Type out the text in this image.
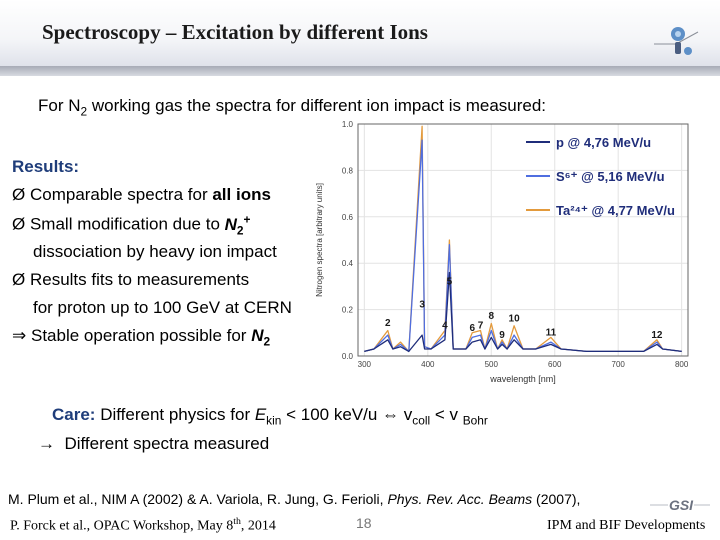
Spectroscopy – Excitation by different Ions
For $N_2$ working gas the spectra for different ion impact is measured:
Results:
Ø Comparable spectra for all ions
Ø Small modification due to $N_2^+$
dissociation by heavy ion impact
Ø Results fits to measurements
for proton up to 100 GeV at CERN
⇒ Stable operation possible for $N_2$
0.0
0.2
0.4
0.6
0.8
1.0
300	400	500	600	700	800
wavelength [nm]
Nitrogen spectra [arbitrary units]
2
3
4
5
6 7
8
9
10
11	12
p @ 4,76 MeV/u
S⁶⁺ @ 5,16 MeV/u
Ta²⁴⁺ @ 4,77 MeV/u
Care: Different physics for $E_{kin} < 100$ keV/u ⇔ $v_{coll} < v$ $_{Bohr}$
→ Different spectra measured
M. Plum et al., NIM A (2002) & A. Variola, R. Jung, G. Ferioli, Phys. Rev. Acc. Beams (2007),
P. Forck et al., OPAC Workshop, May 8th, 2014	18	IPM and BIF Developments
GSI
